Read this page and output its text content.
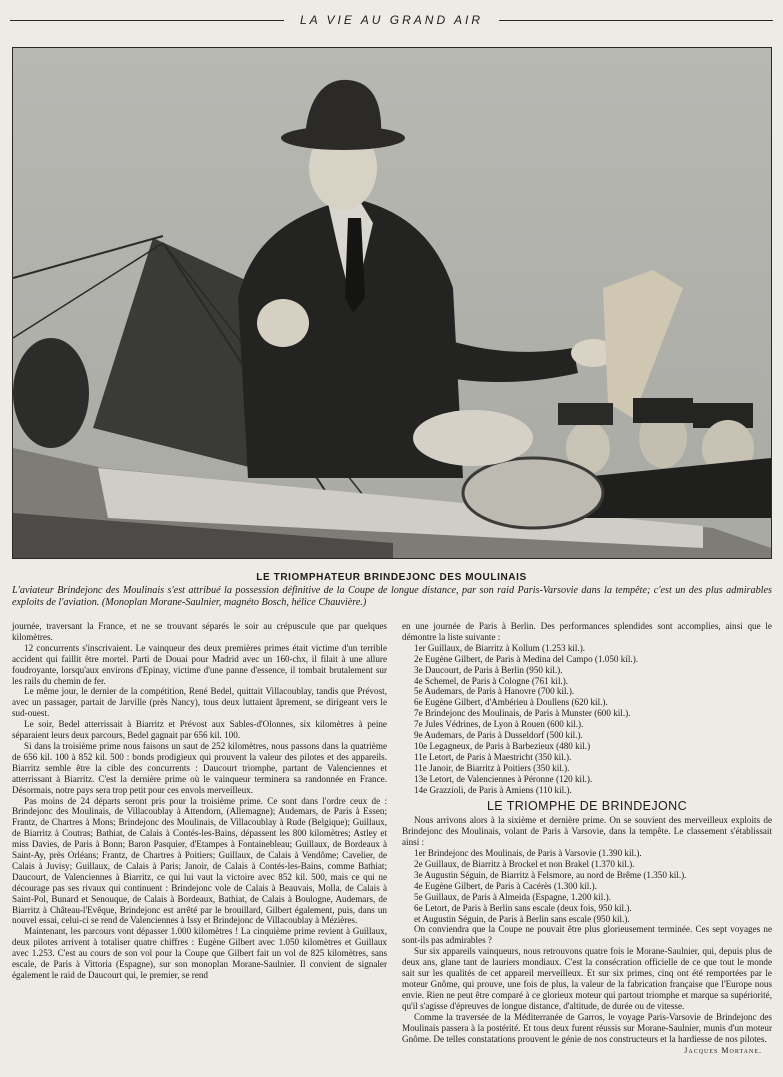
LA VIE AU GRAND AIR
LE TRIOMPHATEUR BRINDEJONC DES MOULINAIS
L'aviateur Brindejonc des Moulinais s'est attribué la possession définitive de la Coupe de longue distance, par son raid Paris-Varsovie dans la tempête; c'est un des plus admirables exploits de l'aviation. (Monoplan Morane-Saulnier, magnéto Bosch, hélice Chauvière.)

journée, traversant la France, et ne se trouvant séparés le soir au crépuscule que par quelques kilomètres.

12 concurrents s'inscrivaient. Le vainqueur des deux premières primes était victime d'un terrible accident qui faillit être mortel. Parti de Douai pour Madrid avec un 160-chx, il filait à une allure foudroyante, lorsqu'aux environs d'Epinay, victime d'une panne d'essence, il tombait brutalement sur les rails du chemin de fer.

Le même jour, le dernier de la compétition, René Bedel, quittait Villacoublay, tandis que Prévost, avec un passager, partait de Jarville (près Nancy), tous deux luttaient âprement, se dirigeant vers le sud-ouest.

Le soir, Bedel atterrissait à Biarritz et Prévost aux Sables-d'Olonnes, six kilomètres à peine séparaient leurs deux parcours, Bedel gagnait par 656 kil. 100.

Si dans la troisième prime nous faisons un saut de 252 kilomètres, nous passons dans la quatrième de 656 kil. 100 à 852 kil. 500 : bonds prodigieux qui prouvent la valeur des pilotes et des appareils. Biarritz semble être la cible des concurrents : Daucourt triomphe, partant de Valenciennes et atterrissant à Biarritz. C'est la dernière prime où le vainqueur terminera sa randonnée en France. Désormais, notre pays sera trop petit pour ces envols merveilleux.

Pas moins de 24 départs seront pris pour la troisième prime. Ce sont dans l'ordre ceux de : Brindejonc des Moulinais, de Villacoublay à Attendorn, (Allemagne); Audemars, de Paris à Essen; Frantz, de Chartres à Mons; Brindejonc des Moulinais, de Villacoublay à Rude (Belgique); Guillaux, de Biarritz à Coutras; Bathiat, de Calais à Contés-les-Bains, dépassent les 800 kilomètres; Astley et miss Davies, de Paris à Bonn; Baron Pasquier, d'Etampes à Fontainebleau; Guillaux, de Bordeaux à Saint-Ay, près Orléans; Frantz, de Chartres à Poitiers; Guillaux, de Calais à Vendôme; Cavelier, de Calais à Juvisy; Guillaux, de Calais à Paris; Janoir, de Calais à Contés-les-Bains, comme Bathiat; Daucourt, de Valenciennes à Biarritz, ce qui lui vaut la victoire avec 852 kil. 500, mais ce qui ne décourage pas ses rivaux qui continuent : Brindejonc vole de Calais à Beauvais, Molla, de Calais à Saint-Pol, Bunard et Senouque, de Calais à Bordeaux, Bathiat, de Calais à Boulogne, Audemars, de Biarritz à Château-l'Evêque, Brindejonc est arrêté par le brouillard, Gilbert également, puis, dans un nouvel essai, celui-ci se rend de Valenciennes à Issy et Brindejonc de Villacoublay à Mézières.

Maintenant, les parcours vont dépasser 1.000 kilomètres ! La cinquième prime revient à Guillaux, deux pilotes arrivent à totaliser quatre chiffres : Eugène Gilbert avec 1.050 kilomètres et Guillaux avec 1.253. C'est au cours de son vol pour la Coupe que Gilbert fait un vol de 825 kilomètres, sans escale, de Paris à Vittoria (Espagne), sur son monoplan Morane-Saulnier. Il convient de signaler également le raid de Daucourt qui, le premier, se rend

en une journée de Paris à Berlin. Des performances splendides sont accomplies, ainsi que le démontre la liste suivante :

1er Guillaux, de Biarritz à Kollum (1.253 kil.).
2e Eugène Gilbert, de Paris à Medina del Campo (1.050 kil.).
3e Daucourt, de Paris à Berlin (950 kil.).
4e Schemel, de Paris à Cologne (761 kil.).
5e Audemars, de Paris à Hanovre (700 kil.).
6e Eugène Gilbert, d'Ambérieu à Doullens (620 kil.).
7e Brindejonc des Moulinais, de Paris à Munster (600 kil.).
7e Jules Védrines, de Lyon à Rouen (600 kil.).
9e Audemars, de Paris à Dusseldorf (500 kil.).
10e Legagneux, de Paris à Barbezieux (480 kil.)
11e Letort, de Paris à Maestricht (350 kil.).
11e Janoir, de Biarritz à Poitiers (350 kil.).
13e Letort, de Valenciennes à Péronne (120 kil.).
14e Grazzioli, de Paris à Amiens (110 kil.).
LE TRIOMPHE DE BRINDEJONC

Nous arrivons alors à la sixième et dernière prime. On se souvient des merveilleux exploits de Brindejonc des Moulinais, volant de Paris à Varsovie, dans la tempête. Le classement s'établissait ainsi :

1er Brindejonc des Moulinais, de Paris à Varsovie (1.390 kil.).
2e Guillaux, de Biarritz à Brockel et non Brakel (1.370 kil.).
3e Augustin Séguin, de Biarritz à Felsmore, au nord de Brême (1.350 kil.).
4e Eugène Gilbert, de Paris à Cacérès (1.300 kil.).
5e Guillaux, de Paris à Almeida (Espagne, 1.200 kil.).
6e Letort, de Paris à Berlin sans escale (deux fois, 950 kil.).
et Augustin Séguin, de Paris à Berlin sans escale (950 kil.).

On conviendra que la Coupe ne pouvait être plus glorieusement terminée. Ces sept voyages ne sont-ils pas admirables ?

Sur six appareils vainqueurs, nous retrouvons quatre fois le Morane-Saulnier, qui, depuis plus de deux ans, glane tant de lauriers mondiaux. C'est la consécration officielle de ce que tout le monde sait sur les qualités de cet appareil merveilleux. Et sur six primes, cinq ont été remportées par le moteur Gnôme, qui prouve, une fois de plus, la valeur de la fabrication française que l'Europe nous envie. Rien ne peut être comparé à ce glorieux moteur qui partout triomphe et marque sa supériorité, qu'il s'agisse d'épreuves de longue distance, d'altitude, de durée ou de vitesse.

Comme la traversée de la Méditerranée de Garros, le voyage Paris-Varsovie de Brindejonc des Moulinais passera à la postérité. Et tous deux furent réussis sur Morane-Saulnier, munis d'un moteur Gnôme. De telles constatations prouvent le génie de nos constructeurs et la hardiesse de nos pilotes.

Jacques Mortane.
